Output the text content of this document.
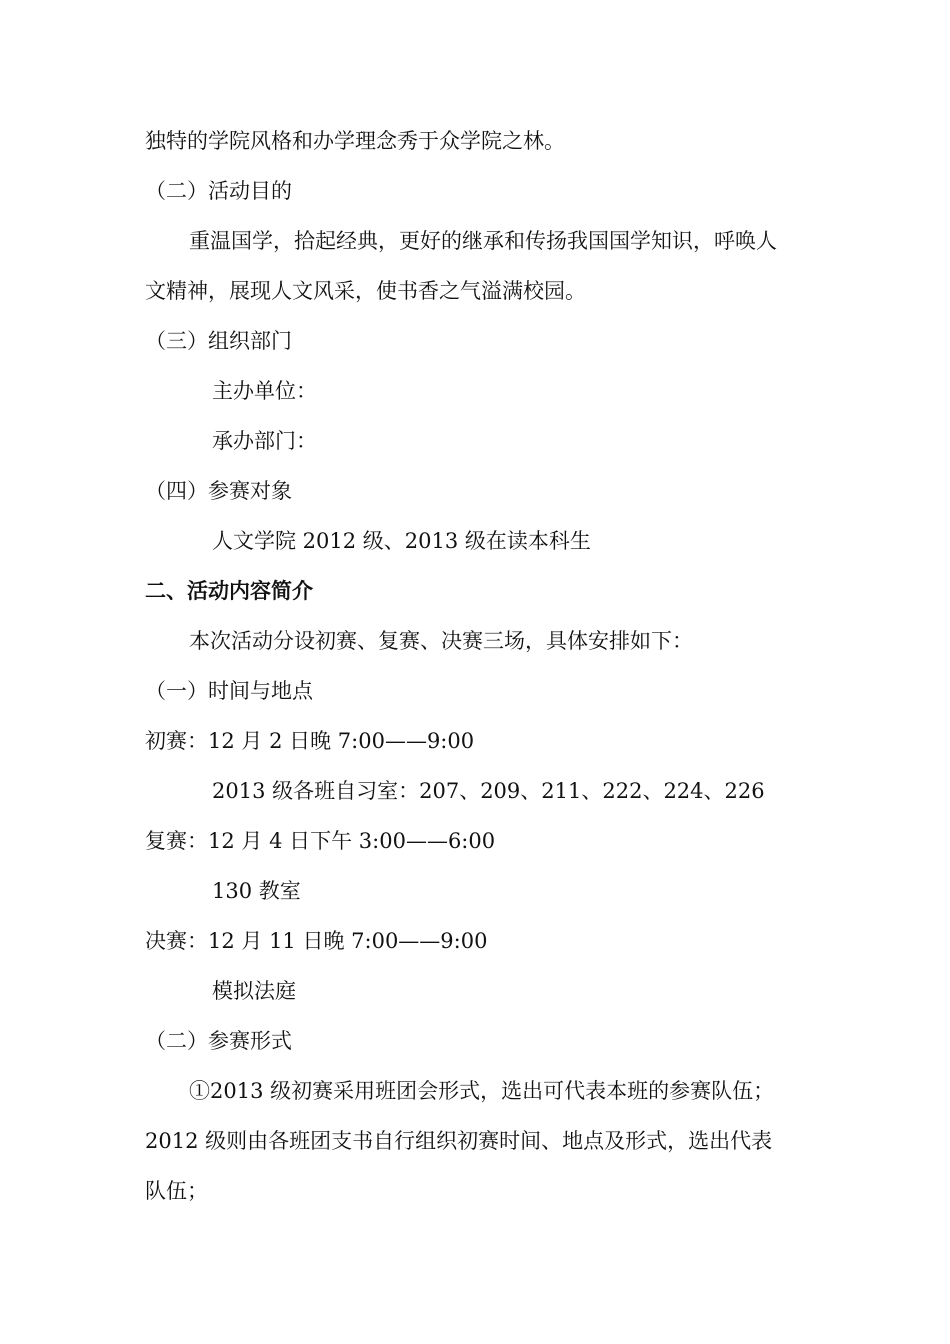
独特的学院风格和办学理念秀于众学院之林。
（二）活动目的
重温国学，拾起经典，更好的继承和传扬我国国学知识，呼唤人
文精神，展现人文风采，使书香之气溢满校园。
（三）组织部门
主办单位：
承办部门：
（四）参赛对象
人文学院 2012 级、2013 级在读本科生
二、活动内容简介
本次活动分设初赛、复赛、决赛三场，具体安排如下：
（一）时间与地点
初赛：12 月 2 日晚 7:00——9:00
2013 级各班自习室：207、209、211、222、224、226
复赛：12 月 4 日下午 3:00——6:00
130 教室
决赛：12 月 11 日晚 7:00——9:00
模拟法庭
（二）参赛形式
①2013 级初赛采用班团会形式，选出可代表本班的参赛队伍；
2012 级则由各班团支书自行组织初赛时间、地点及形式，选出代表
队伍；
